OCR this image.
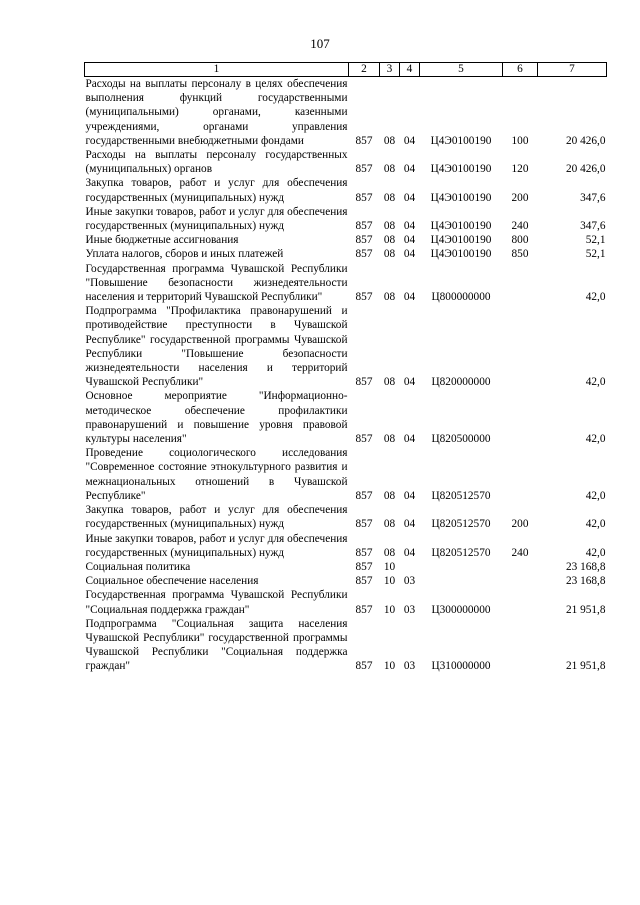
107
1	2	3	4	5	6	7
Расходы на выплаты персоналу в целях обеспечения выполнения функций государственными (муниципальными) органами, казенными учреждениями, органами управления государственными внебюджетными фондами	857	08	04	Ц4Э0100190	100	20 426,0
Расходы на выплаты персоналу государственных (муниципальных) органов	857	08	04	Ц4Э0100190	120	20 426,0
Закупка товаров, работ и услуг для обеспечения государственных (муниципальных) нужд	857	08	04	Ц4Э0100190	200	347,6
Иные закупки товаров, работ и услуг для обеспечения государственных (муниципальных) нужд	857	08	04	Ц4Э0100190	240	347,6
Иные бюджетные ассигнования	857	08	04	Ц4Э0100190	800	52,1
Уплата налогов, сборов и иных платежей	857	08	04	Ц4Э0100190	850	52,1
Государственная программа Чувашской Республики "Повышение безопасности жизнедеятельности населения и территорий Чувашской Республики"	857	08	04	Ц800000000		42,0
Подпрограмма "Профилактика правонарушений и противодействие преступности в Чувашской Республике" государственной программы Чувашской Республики "Повышение безопасности жизнедеятельности населения и территорий Чувашской Республики"	857	08	04	Ц820000000		42,0
Основное мероприятие "Информационно-методическое обеспечение профилактики правонарушений и повышение уровня правовой культуры населения"	857	08	04	Ц820500000		42,0
Проведение социологического исследования "Современное состояние этнокультурного развития и межнациональных отношений в Чувашской Республике"	857	08	04	Ц820512570		42,0
Закупка товаров, работ и услуг для обеспечения государственных (муниципальных) нужд	857	08	04	Ц820512570	200	42,0
Иные закупки товаров, работ и услуг для обеспечения государственных (муниципальных) нужд	857	08	04	Ц820512570	240	42,0
Социальная политика	857	10				23 168,8
Социальное обеспечение населения	857	10	03			23 168,8
Государственная программа Чувашской Республики "Социальная поддержка граждан"	857	10	03	Ц300000000		21 951,8
Подпрограмма "Социальная защита населения Чувашской Республики" государственной программы Чувашской Республики "Социальная поддержка граждан"	857	10	03	Ц310000000		21 951,8
